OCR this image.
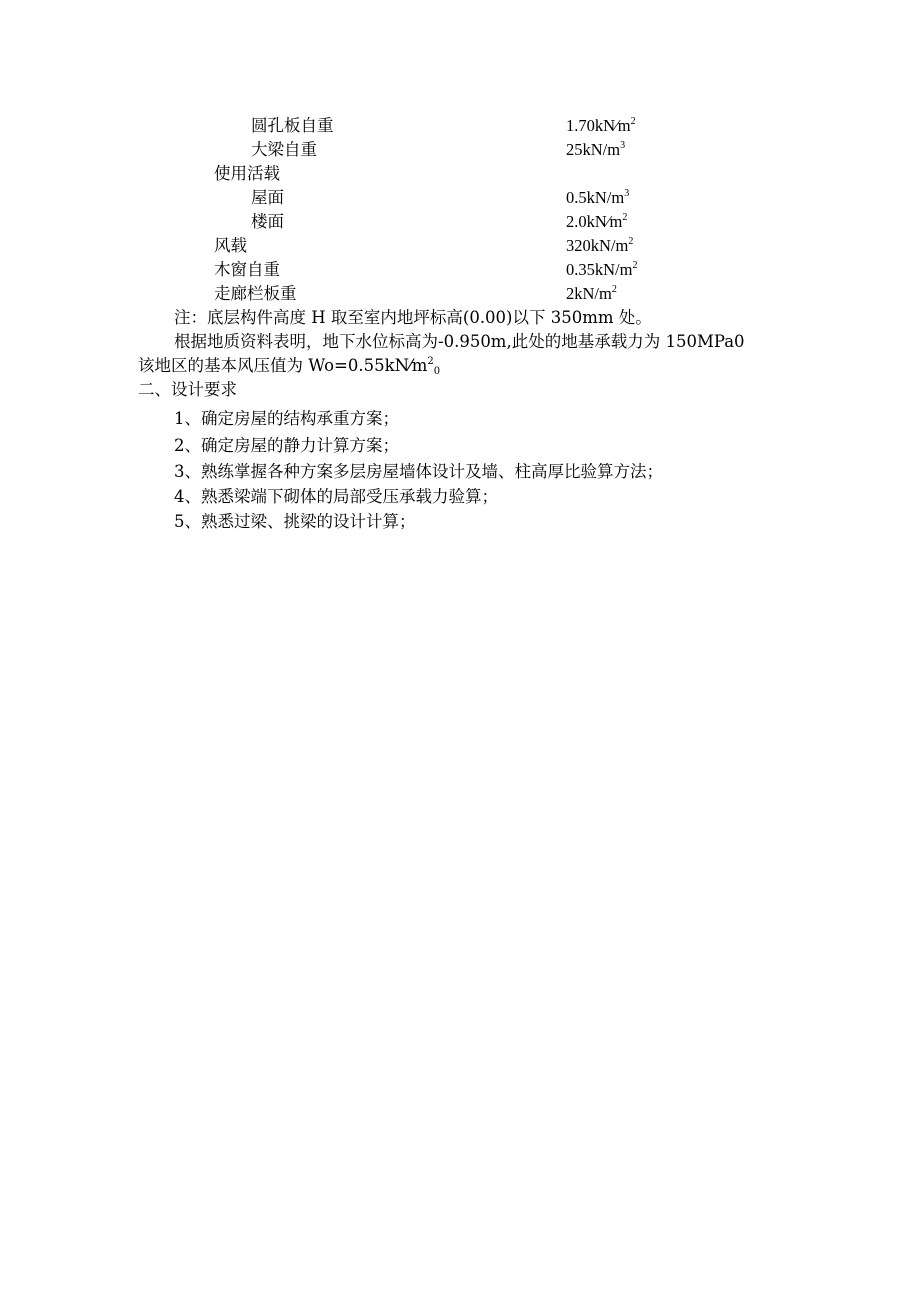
圆孔板自重	$1.70kN⁄m^2$
大梁自重	$25kN/m^3$
使用活载
屋面	$0.5kN/m^3$
楼面	$2.0kN⁄m^2$
风载	$320kN/m^2$
木窗自重	$0.35kN/m^2$
走廊栏板重	$2kN/m^2$
注：底层构件高度 H 取至室内地坪标高(0.00)以下 350mm 处。
根据地质资料表明，地下水位标高为-0.950m,此处的地基承载力为 150MPa0
该地区的基本风压值为 $Wo=0.55kN⁄m^2_0$
二、设计要求
1、确定房屋的结构承重方案；
2、确定房屋的静力计算方案；
3、熟练掌握各种方案多层房屋墙体设计及墙、柱高厚比验算方法；
4、熟悉梁端下砌体的局部受压承载力验算；
5、熟悉过梁、挑梁的设计计算；
